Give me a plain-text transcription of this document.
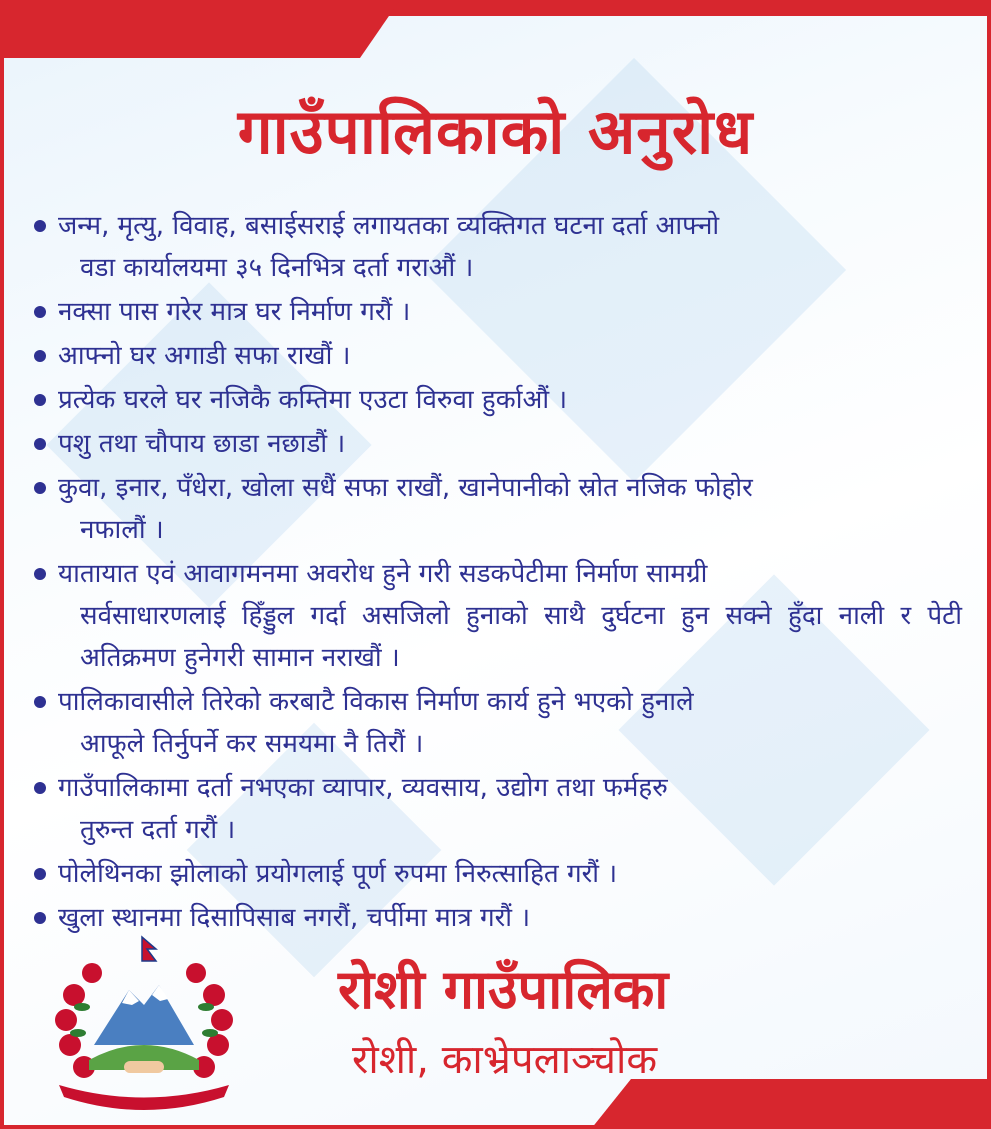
गाउँपालिकाको अनुरोध
जन्म, मृत्यु, विवाह, बसाईसराई लगायतका व्यक्तिगत घटना दर्ता आफ्नो
वडा कार्यालयमा ३५ दिनभित्र दर्ता गराऔं ।
नक्सा पास गरेर मात्र घर निर्माण गरौं ।
आफ्नो घर अगाडी सफा राखौं ।
प्रत्येक घरले घर नजिकै कम्तिमा एउटा विरुवा हुर्काऔं ।
पशु तथा चौपाय छाडा नछाडौं ।
कुवा, इनार, पँधेरा, खोला सधैं सफा राखौं, खानेपानीको स्रोत नजिक फोहोर
नफालौं ।
यातायात एवं आवागमनमा अवरोध हुने गरी सडकपेटीमा निर्माण सामग्री
सर्वसाधारणलाई हिँड्डुल गर्दा असजिलो हुनाको साथै दुर्घटना हुन सक्ने हुँदा नाली र पेटी अतिक्रमण हुनेगरी सामान नराखौं ।
पालिकावासीले तिरेको करबाटै विकास निर्माण कार्य हुने भएको हुनाले
आफूले तिर्नुपर्ने कर समयमा नै तिरौं ।
गाउँपालिकामा दर्ता नभएका व्यापार, व्यवसाय, उद्योग तथा फर्महरु
तुरुन्त दर्ता गरौं ।
पोलेथिनका झोलाको प्रयोगलाई पूर्ण रुपमा निरुत्साहित गरौं ।
खुला स्थानमा दिसापिसाब नगरौं, चर्पीमा मात्र गरौं ।
रोशी गाउँपालिका
रोशी, काभ्रेपलाञ्चोक
